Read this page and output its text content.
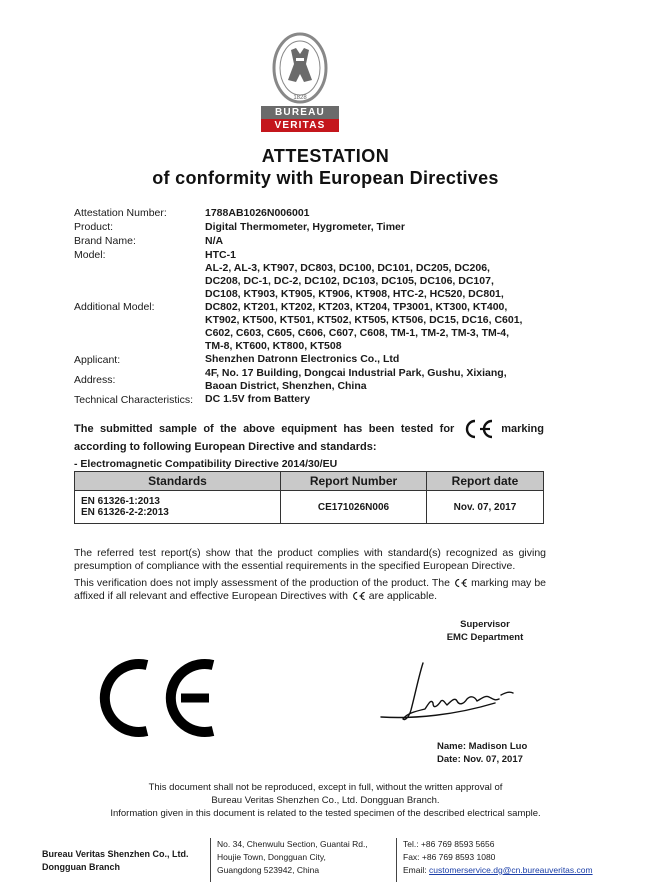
1828
BUREAU
VERITAS
ATTESTATION
of conformity with European Directives
Attestation Number:	1788AB1026N006001
Product:	Digital Thermometer, Hygrometer, Timer
Brand Name:	N/A
Model:	HTC-1
Additional Model:
AL-2, AL-3, KT907, DC803, DC100, DC101, DC205, DC206,
DC208, DC-1, DC-2, DC102, DC103, DC105, DC106, DC107,
DC108, KT903, KT905, KT906, KT908, HTC-2, HC520, DC801,
DC802, KT201, KT202, KT203, KT204, TP3001, KT300, KT400,
KT902, KT500, KT501, KT502, KT505, KT506, DC15, DC16, C601,
C602, C603, C605, C606, C607, C608, TM-1, TM-2, TM-3, TM-4,
TM-8, KT600, KT800, KT508
Applicant:	Shenzhen Datronn Electronics Co., Ltd
Address:
4F, No. 17 Building, Dongcai Industrial Park, Gushu, Xixiang,
Baoan District, Shenzhen, China
Technical Characteristics: DC 1.5V from Battery
The submitted sample of the above equipment has been tested for	marking according to following European Directive and standards:
- Electromagnetic Compatibility Directive 2014/30/EU
Standards	Report Number	Report date

EN 61326-1:2013
EN 61326-2-2:2013	CE171026N006	Nov. 07, 2017
The referred test report(s) show that the product complies with standard(s) recognized as giving presumption of compliance with the essential requirements in the specified European Directive.
This verification does not imply assessment of the production of the product. The marking may be affixed if all relevant and effective European Directives with are applicable.
Supervisor
EMC Department
Name: Madison Luo
Date: Nov. 07, 2017
This document shall not be reproduced, except in full, without the written approval of
Bureau Veritas Shenzhen Co., Ltd. Dongguan Branch.
Information given in this document is related to the tested specimen of the described electrical sample.
Bureau Veritas Shenzhen Co., Ltd.
Dongguan Branch
No. 34, Chenwulu Section, Guantai Rd.,
Houjie Town, Dongguan City,
Guangdong 523942, China
Tel.: +86 769 8593 5656
Fax: +86 769 8593 1080
Email: customerservice.dg@cn.bureauveritas.com
